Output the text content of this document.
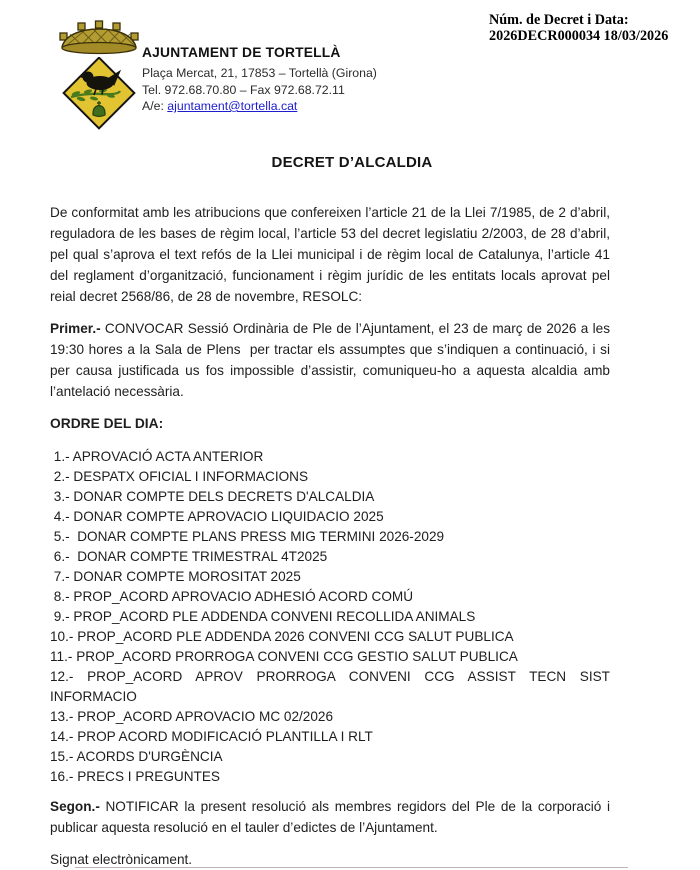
AJUNTAMENT DE TORTELLÀ
Plaça Mercat, 21, 17853 – Tortellà (Girona)
Tel. 972.68.70.80 – Fax 972.68.72.11
A/e: ajuntament@tortella.cat
Núm. de Decret i Data:
2026DECR000034 18/03/2026
DECRET D’ALCALDIA

De conformitat amb les atribucions que confereixen l’article 21 de la Llei 7/1985, de 2 d’abril, reguladora de les bases de règim local, l’article 53 del decret legislatiu 2/2003, de 28 d’abril, pel qual s’aprova el text refós de la Llei municipal i de règim local de Catalunya, l’article 41 del reglament d’organització, funcionament i règim jurídic de les entitats locals aprovat pel reial decret 2568/86, de 28 de novembre, RESOLC:

Primer.- CONVOCAR Sessió Ordinària de Ple de l’Ajuntament, el 23 de març de 2026 a les 19:30 hores a la Sala de Plens  per tractar els assumptes que s’indiquen a continuació, i si per causa justificada us fos impossible d’assistir, comuniqueu-ho a aquesta alcaldia amb l’antelació necessària.

ORDRE DEL DIA:
1.- APROVACIÓ ACTA ANTERIOR
2.- DESPATX OFICIAL I INFORMACIONS
3.- DONAR COMPTE DELS DECRETS D'ALCALDIA
4.- DONAR COMPTE APROVACIO LIQUIDACIO 2025
5.-  DONAR COMPTE PLANS PRESS MIG TERMINI 2026-2029
6.-  DONAR COMPTE TRIMESTRAL 4T2025
7.- DONAR COMPTE MOROSITAT 2025
8.- PROP_ACORD APROVACIO ADHESIÓ ACORD COMÚ
9.- PROP_ACORD PLE ADDENDA CONVENI RECOLLIDA ANIMALS
10.- PROP_ACORD PLE ADDENDA 2026 CONVENI CCG SALUT PUBLICA
11.- PROP_ACORD PRORROGA CONVENI CCG GESTIO SALUT PUBLICA
12.- PROP_ACORD APROV PRORROGA CONVENI CCG ASSIST TECN SIST INFORMACIO
13.- PROP_ACORD APROVACIO MC 02/2026
14.- PROP ACORD MODIFICACIÓ PLANTILLA I RLT
15.- ACORDS D'URGÈNCIA
16.- PRECS I PREGUNTES

Segon.- NOTIFICAR la present resolució als membres regidors del Ple de la corporació i publicar aquesta resolució en el tauler d’edictes de l’Ajuntament.

Signat electrònicament.
